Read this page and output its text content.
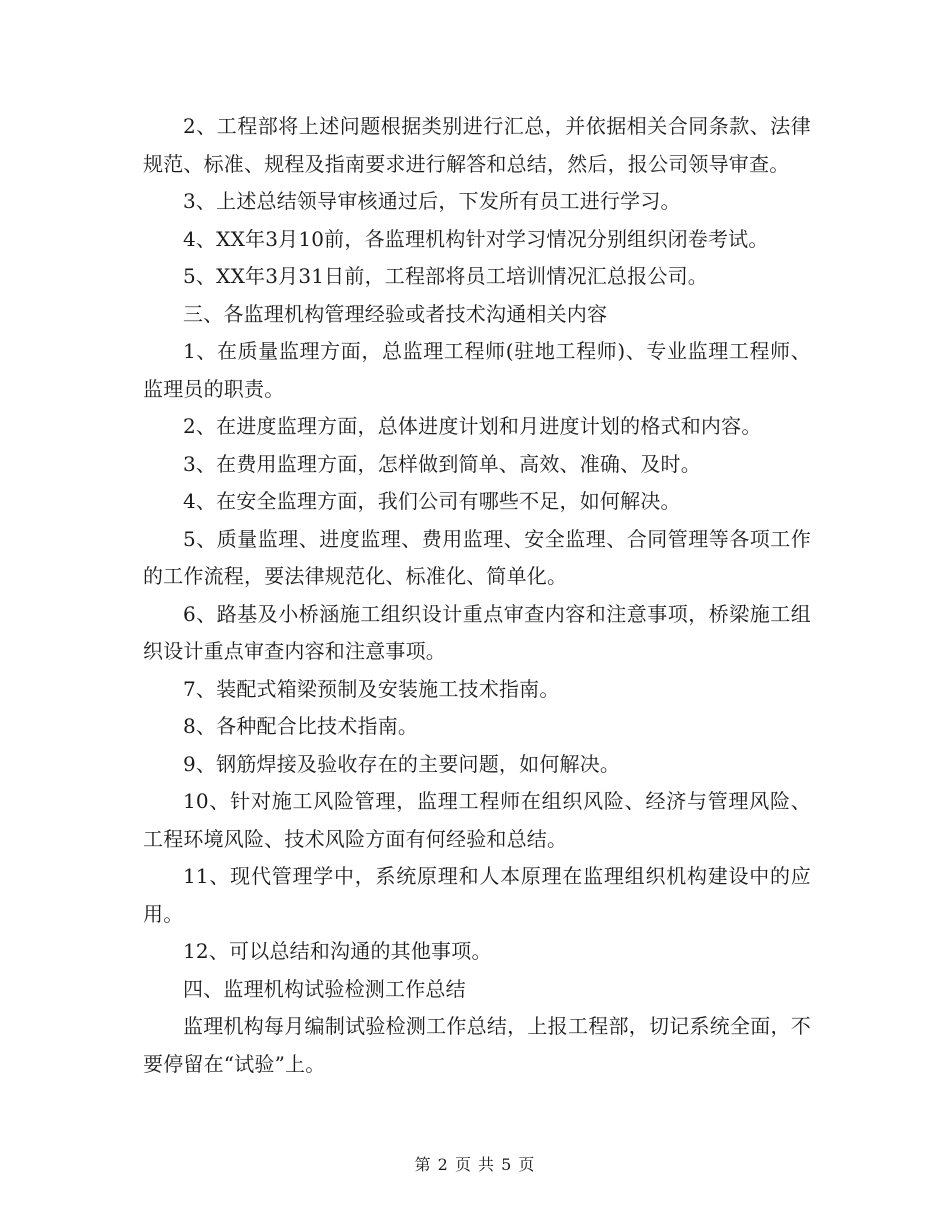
2、工程部将上述问题根据类别进行汇总，并依据相关合同条款、法律规范、标准、规程及指南要求进行解答和总结，然后，报公司领导审查。

3、上述总结领导审核通过后，下发所有员工进行学习。

4、XX年3月10前，各监理机构针对学习情况分别组织闭卷考试。

5、XX年3月31日前，工程部将员工培训情况汇总报公司。

三、各监理机构管理经验或者技术沟通相关内容

1、在质量监理方面，总监理工程师(驻地工程师)、专业监理工程师、监理员的职责。

2、在进度监理方面，总体进度计划和月进度计划的格式和内容。

3、在费用监理方面，怎样做到简单、高效、准确、及时。

4、在安全监理方面，我们公司有哪些不足，如何解决。

5、质量监理、进度监理、费用监理、安全监理、合同管理等各项工作的工作流程，要法律规范化、标准化、简单化。

6、路基及小桥涵施工组织设计重点审查内容和注意事项，桥梁施工组织设计重点审查内容和注意事项。

7、装配式箱梁预制及安装施工技术指南。

8、各种配合比技术指南。

9、钢筋焊接及验收存在的主要问题，如何解决。

10、针对施工风险管理，监理工程师在组织风险、经济与管理风险、工程环境风险、技术风险方面有何经验和总结。

11、现代管理学中，系统原理和人本原理在监理组织机构建设中的应用。

12、可以总结和沟通的其他事项。

四、监理机构试验检测工作总结

监理机构每月编制试验检测工作总结，上报工程部，切记系统全面，不要停留在“试验”上。

第 2 页 共 5 页
